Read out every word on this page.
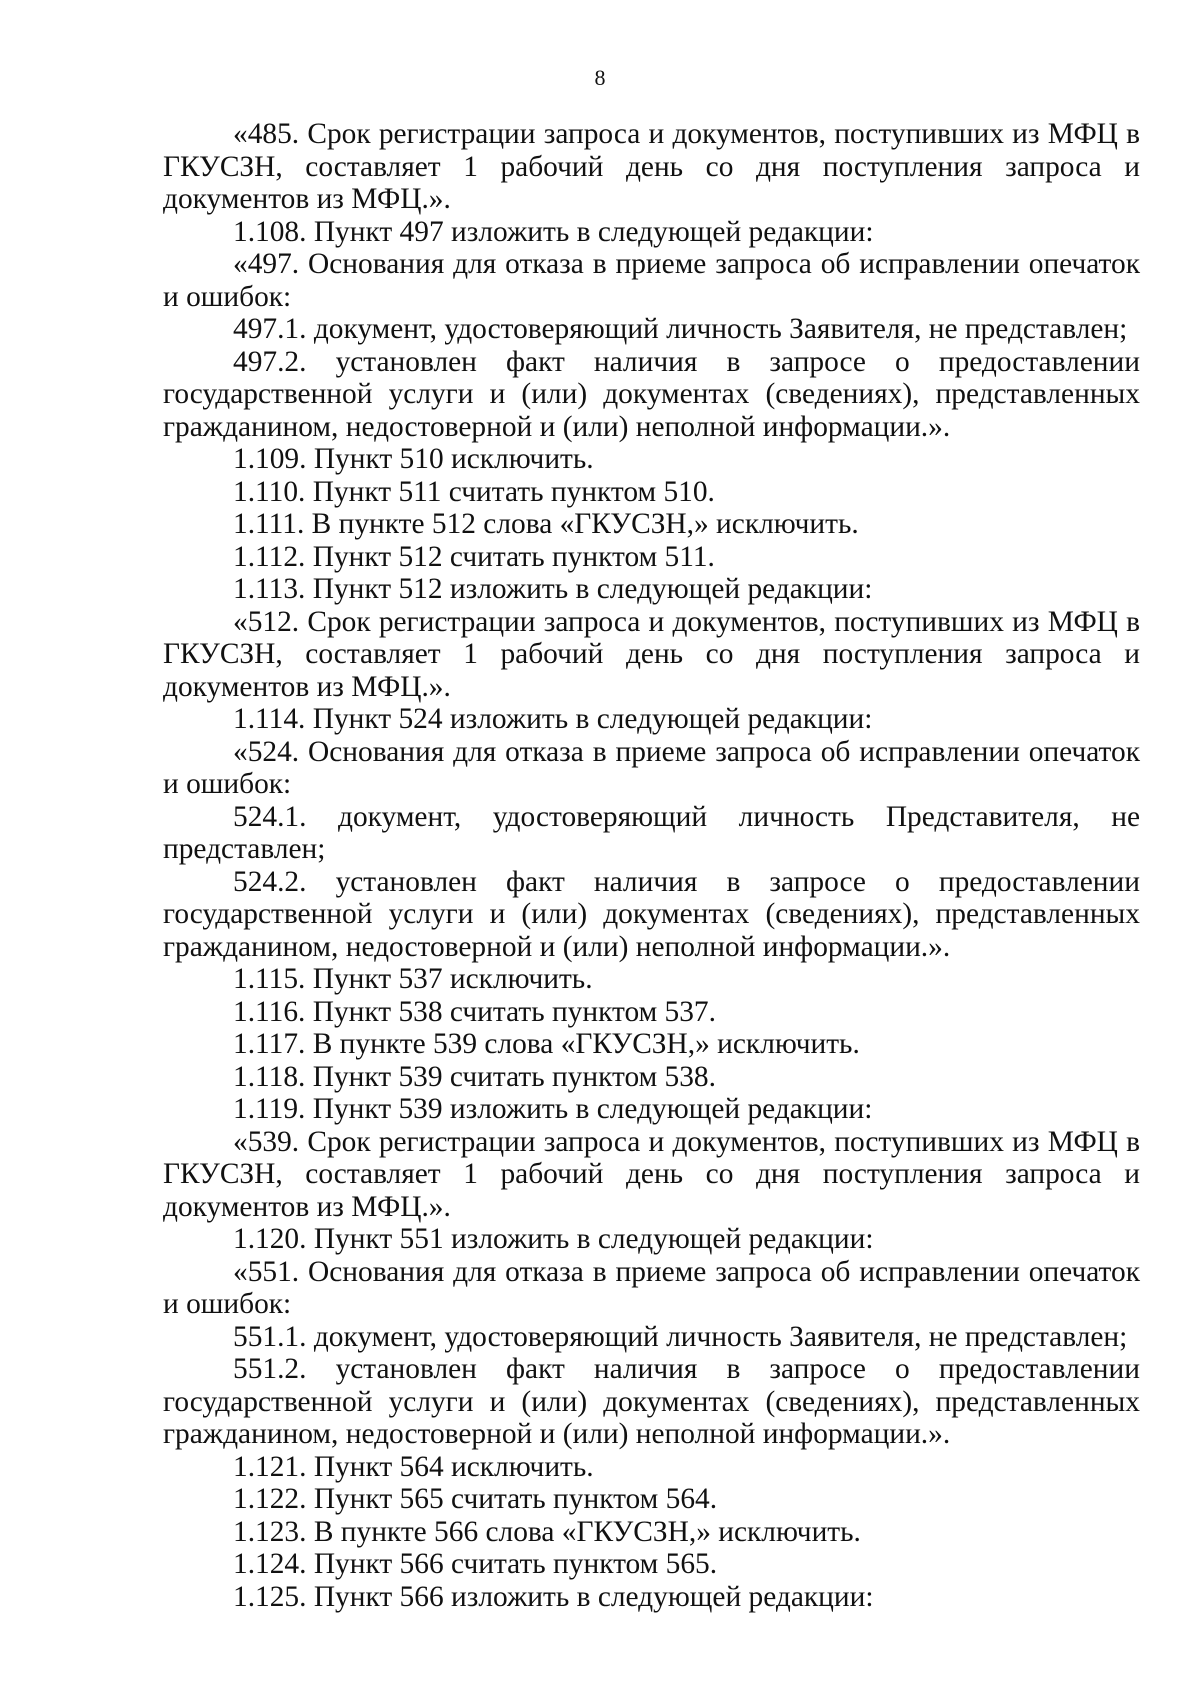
8

«485. Срок регистрации запроса и документов, поступивших из МФЦ в ГКУСЗН, составляет 1 рабочий день со дня поступления запроса и документов из МФЦ.».

1.108. Пункт 497 изложить в следующей редакции:

«497. Основания для отказа в приеме запроса об исправлении опечаток и ошибок:

497.1. документ, удостоверяющий личность Заявителя, не представлен;

497.2. установлен факт наличия в запросе о предоставлении государственной услуги и (или) документах (сведениях), представленных гражданином, недостоверной и (или) неполной информации.».

1.109. Пункт 510 исключить.

1.110. Пункт 511 считать пунктом 510.

1.111. В пункте 512 слова «ГКУСЗН,» исключить.

1.112. Пункт 512 считать пунктом 511.

1.113. Пункт 512 изложить в следующей редакции:

«512. Срок регистрации запроса и документов, поступивших из МФЦ в ГКУСЗН, составляет 1 рабочий день со дня поступления запроса и документов из МФЦ.».

1.114. Пункт 524 изложить в следующей редакции:

«524. Основания для отказа в приеме запроса об исправлении опечаток и ошибок:

524.1. документ, удостоверяющий личность Представителя, не представлен;

524.2. установлен факт наличия в запросе о предоставлении государственной услуги и (или) документах (сведениях), представленных гражданином, недостоверной и (или) неполной информации.».

1.115. Пункт 537 исключить.

1.116. Пункт 538 считать пунктом 537.

1.117. В пункте 539 слова «ГКУСЗН,» исключить.

1.118. Пункт 539 считать пунктом 538.

1.119. Пункт 539 изложить в следующей редакции:

«539. Срок регистрации запроса и документов, поступивших из МФЦ в ГКУСЗН, составляет 1 рабочий день со дня поступления запроса и документов из МФЦ.».

1.120. Пункт 551 изложить в следующей редакции:

«551. Основания для отказа в приеме запроса об исправлении опечаток и ошибок:

551.1. документ, удостоверяющий личность Заявителя, не представлен;

551.2. установлен факт наличия в запросе о предоставлении государственной услуги и (или) документах (сведениях), представленных гражданином, недостоверной и (или) неполной информации.».

1.121. Пункт 564 исключить.

1.122. Пункт 565 считать пунктом 564.

1.123. В пункте 566 слова «ГКУСЗН,» исключить.

1.124. Пункт 566 считать пунктом 565.

1.125. Пункт 566 изложить в следующей редакции:
